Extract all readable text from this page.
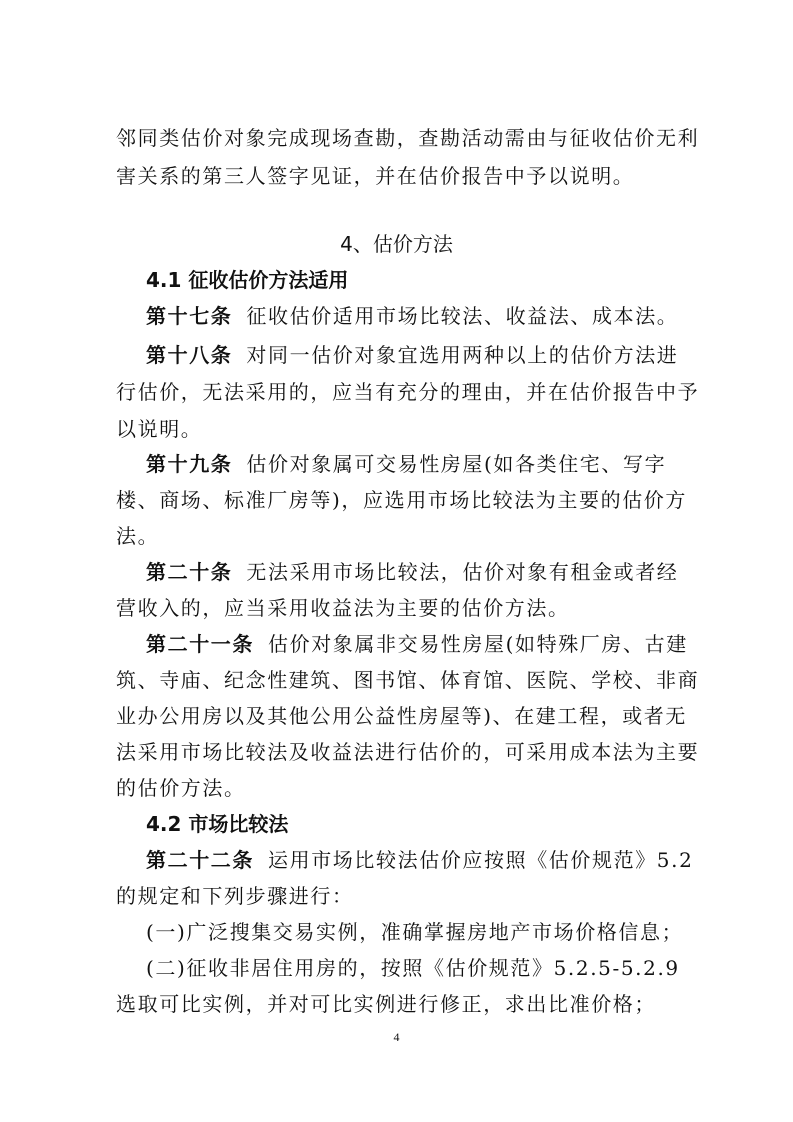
邻同类估价对象完成现场查勘，查勘活动需由与征收估价无利
害关系的第三人签字见证，并在估价报告中予以说明。
4、估价方法
4.1 征收估价方法适用
第十七条 征收估价适用市场比较法、收益法、成本法。
第十八条 对同一估价对象宜选用两种以上的估价方法进
行估价，无法采用的，应当有充分的理由，并在估价报告中予
以说明。
第十九条 估价对象属可交易性房屋(如各类住宅、写字
楼、商场、标准厂房等)，应选用市场比较法为主要的估价方
法。
第二十条 无法采用市场比较法，估价对象有租金或者经
营收入的，应当采用收益法为主要的估价方法。
第二十一条 估价对象属非交易性房屋(如特殊厂房、古建
筑、寺庙、纪念性建筑、图书馆、体育馆、医院、学校、非商
业办公用房以及其他公用公益性房屋等)、在建工程，或者无
法采用市场比较法及收益法进行估价的，可采用成本法为主要
的估价方法。
4.2 市场比较法
第二十二条 运用市场比较法估价应按照《估价规范》5.2
的规定和下列步骤进行：
(一)广泛搜集交易实例，准确掌握房地产市场价格信息；
(二)征收非居住用房的，按照《估价规范》5.2.5-5.2.9
选取可比实例，并对可比实例进行修正，求出比准价格；
4
